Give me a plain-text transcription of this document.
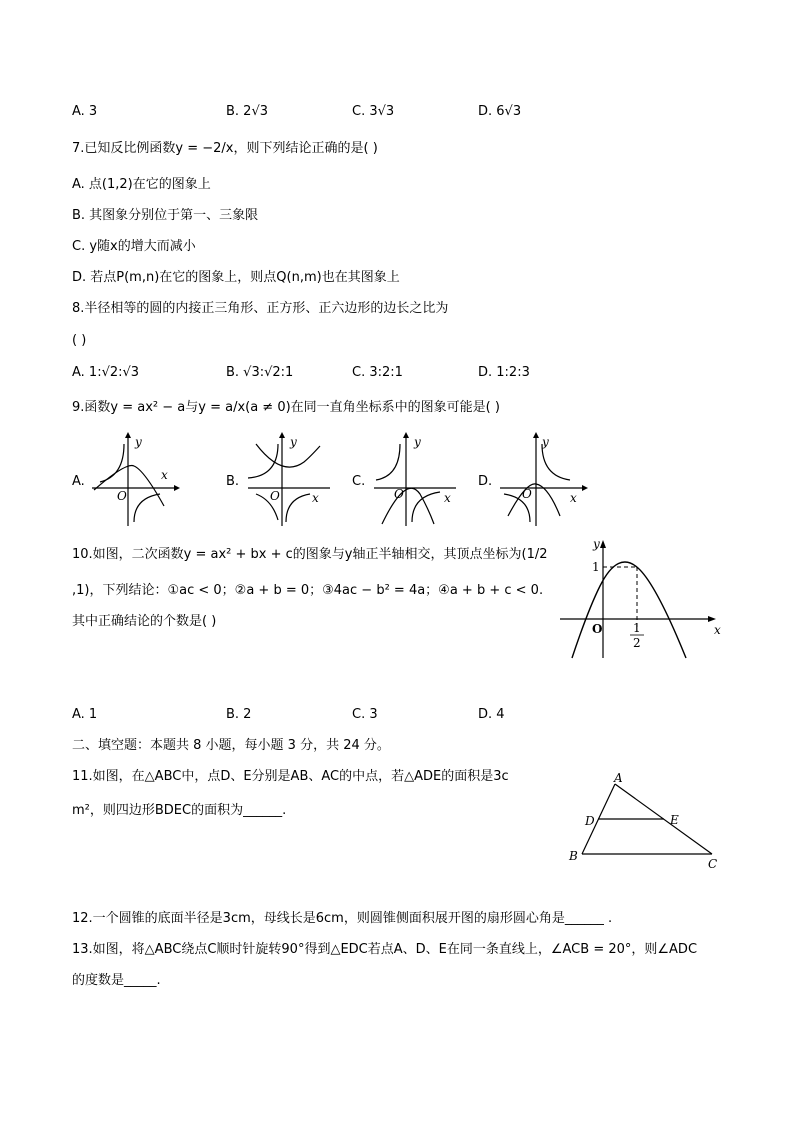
A. 3	B. 2√3	C. 3√3	D. 6√3
7.已知反比例函数y = −2/x，则下列结论正确的是( )
A. 点(1,2)在它的图象上
B. 其图象分别位于第一、三象限
C. y随x的增大而减小
D. 若点P(m,n)在它的图象上，则点Q(n,m)也在其图象上
8.半径相等的圆的内接正三角形、正方形、正六边形的边长之比为
( )
A. 1:√2:√3	B. √3:√2:1	C. 3:2:1	D. 1:2:3
9.函数y = ax² − a与y = a/x(a ≠ 0)在同一直角坐标系中的图象可能是( )
A.
y
x
O
B.
y
x
O
C.
y
x
O
D.
y
x
O
10.如图，二次函数y = ax² + bx + c的图象与y轴正半轴相交，其顶点坐标为(1/2
,1)，下列结论：①ac < 0；②a + b = 0；③4ac − b² = 4a；④a + b + c < 0.
其中正确结论的个数是( )
y
x
O
1
1
2
A. 1	B. 2	C. 3	D. 4
二、填空题：本题共 8 小题，每小题 3 分，共 24 分。
11.如图，在△ABC中，点D、E分别是AB、AC的中点，若△ADE的面积是3c
m²，则四边形BDEC的面积为______.
A
B
C
D	E
12.一个圆锥的底面半径是3cm，母线长是6cm，则圆锥侧面积展开图的扇形圆心角是______ .
13.如图，将△ABC绕点C顺时针旋转90°得到△EDC若点A、D、E在同一条直线上，∠ACB = 20°，则∠ADC
的度数是_____.
